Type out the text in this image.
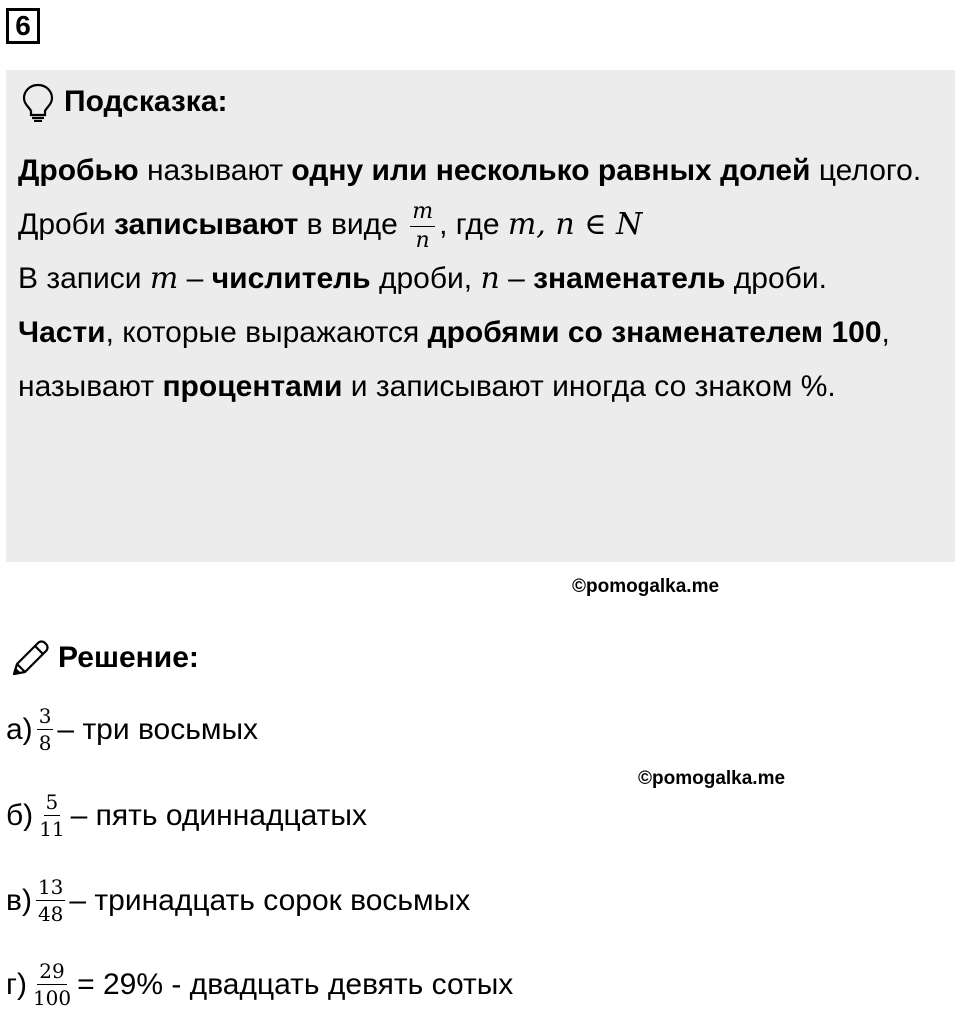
6
Подсказка:
Дробью называют одну или несколько равных долей целого.
Дроби записывают в виде $\frac{m}{n}$ , где m, n ∈ N
В записи m – числитель дроби, n – знаменатель дроби.
Части, которые выражаются дробями со знаменателем 100, называют процентами и записывают иногда со знаком %.
©pomogalka.me
©pomogalka.me
Решение:
$а) \frac{3}{8}$ – три восьмых
$б) \frac{5}{11}$ – пять одиннадцатых
$в) \frac{13}{48}$ – тринадцать сорок восьмых
$г) \frac{29}{100} = 29\%$ - двадцать девять сотых
